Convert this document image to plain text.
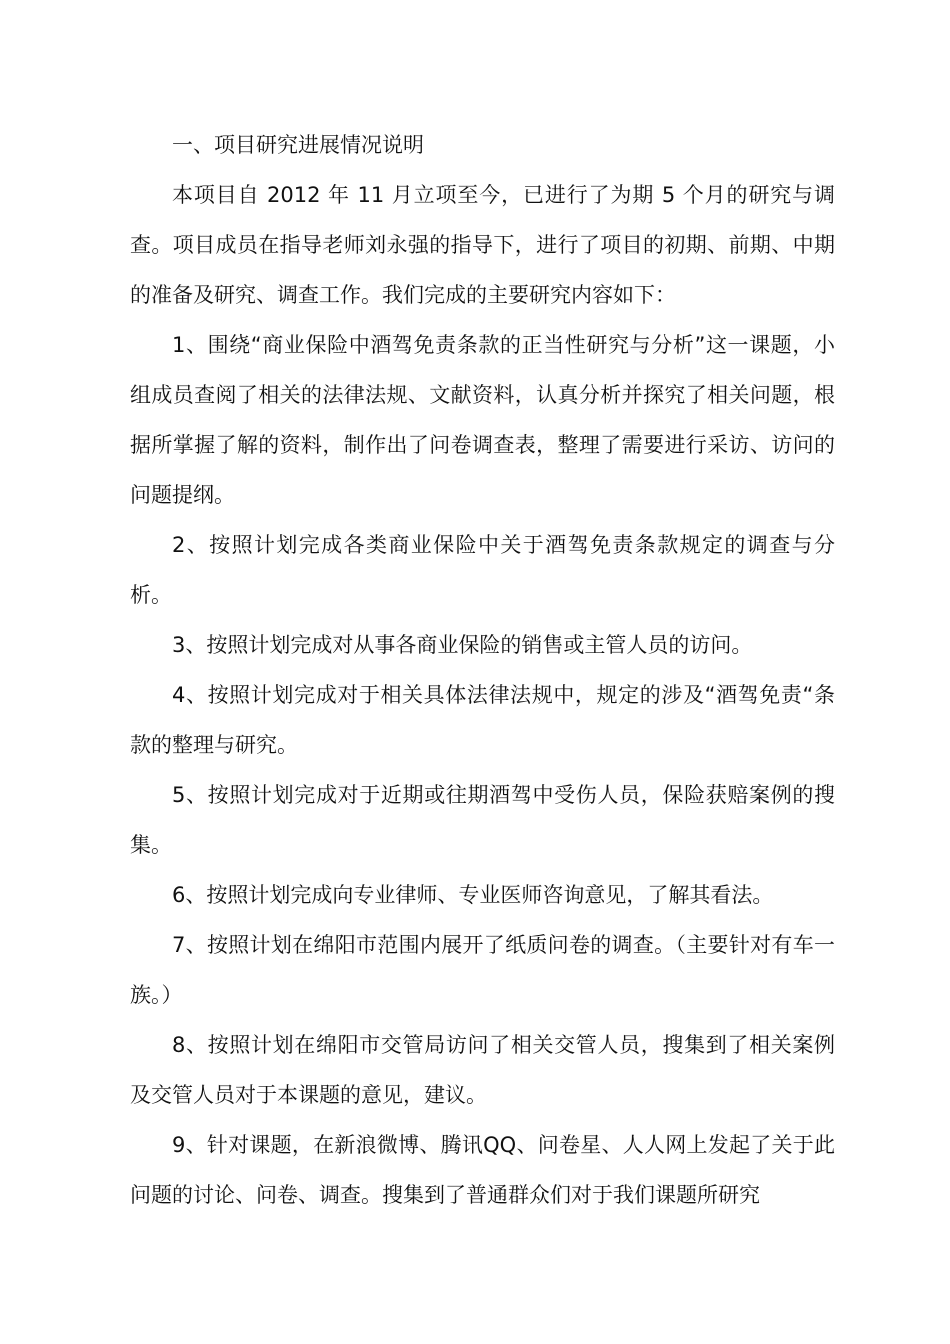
一、项目研究进展情况说明

本项目自 2012 年 11 月立项至今，已进行了为期 5 个月的研究与调查。项目成员在指导老师刘永强的指导下，进行了项目的初期、前期、中期的准备及研究、调查工作。我们完成的主要研究内容如下：

1、围绕“商业保险中酒驾免责条款的正当性研究与分析”这一课题，小组成员查阅了相关的法律法规、文献资料，认真分析并探究了相关问题，根据所掌握了解的资料，制作出了问卷调查表，整理了需要进行采访、访问的问题提纲。

2、按照计划完成各类商业保险中关于酒驾免责条款规定的调查与分析。

3、按照计划完成对从事各商业保险的销售或主管人员的访问。

4、按照计划完成对于相关具体法律法规中，规定的涉及“酒驾免责“条款的整理与研究。

5、按照计划完成对于近期或往期酒驾中受伤人员，保险获赔案例的搜集。

6、按照计划完成向专业律师、专业医师咨询意见，了解其看法。

7、按照计划在绵阳市范围内展开了纸质问卷的调查。（主要针对有车一族。）

8、按照计划在绵阳市交管局访问了相关交管人员，搜集到了相关案例及交管人员对于本课题的意见，建议。

9、针对课题，在新浪微博、腾讯QQ、问卷星、人人网上发起了关于此问题的讨论、问卷、调查。搜集到了普通群众们对于我们课题所研究
